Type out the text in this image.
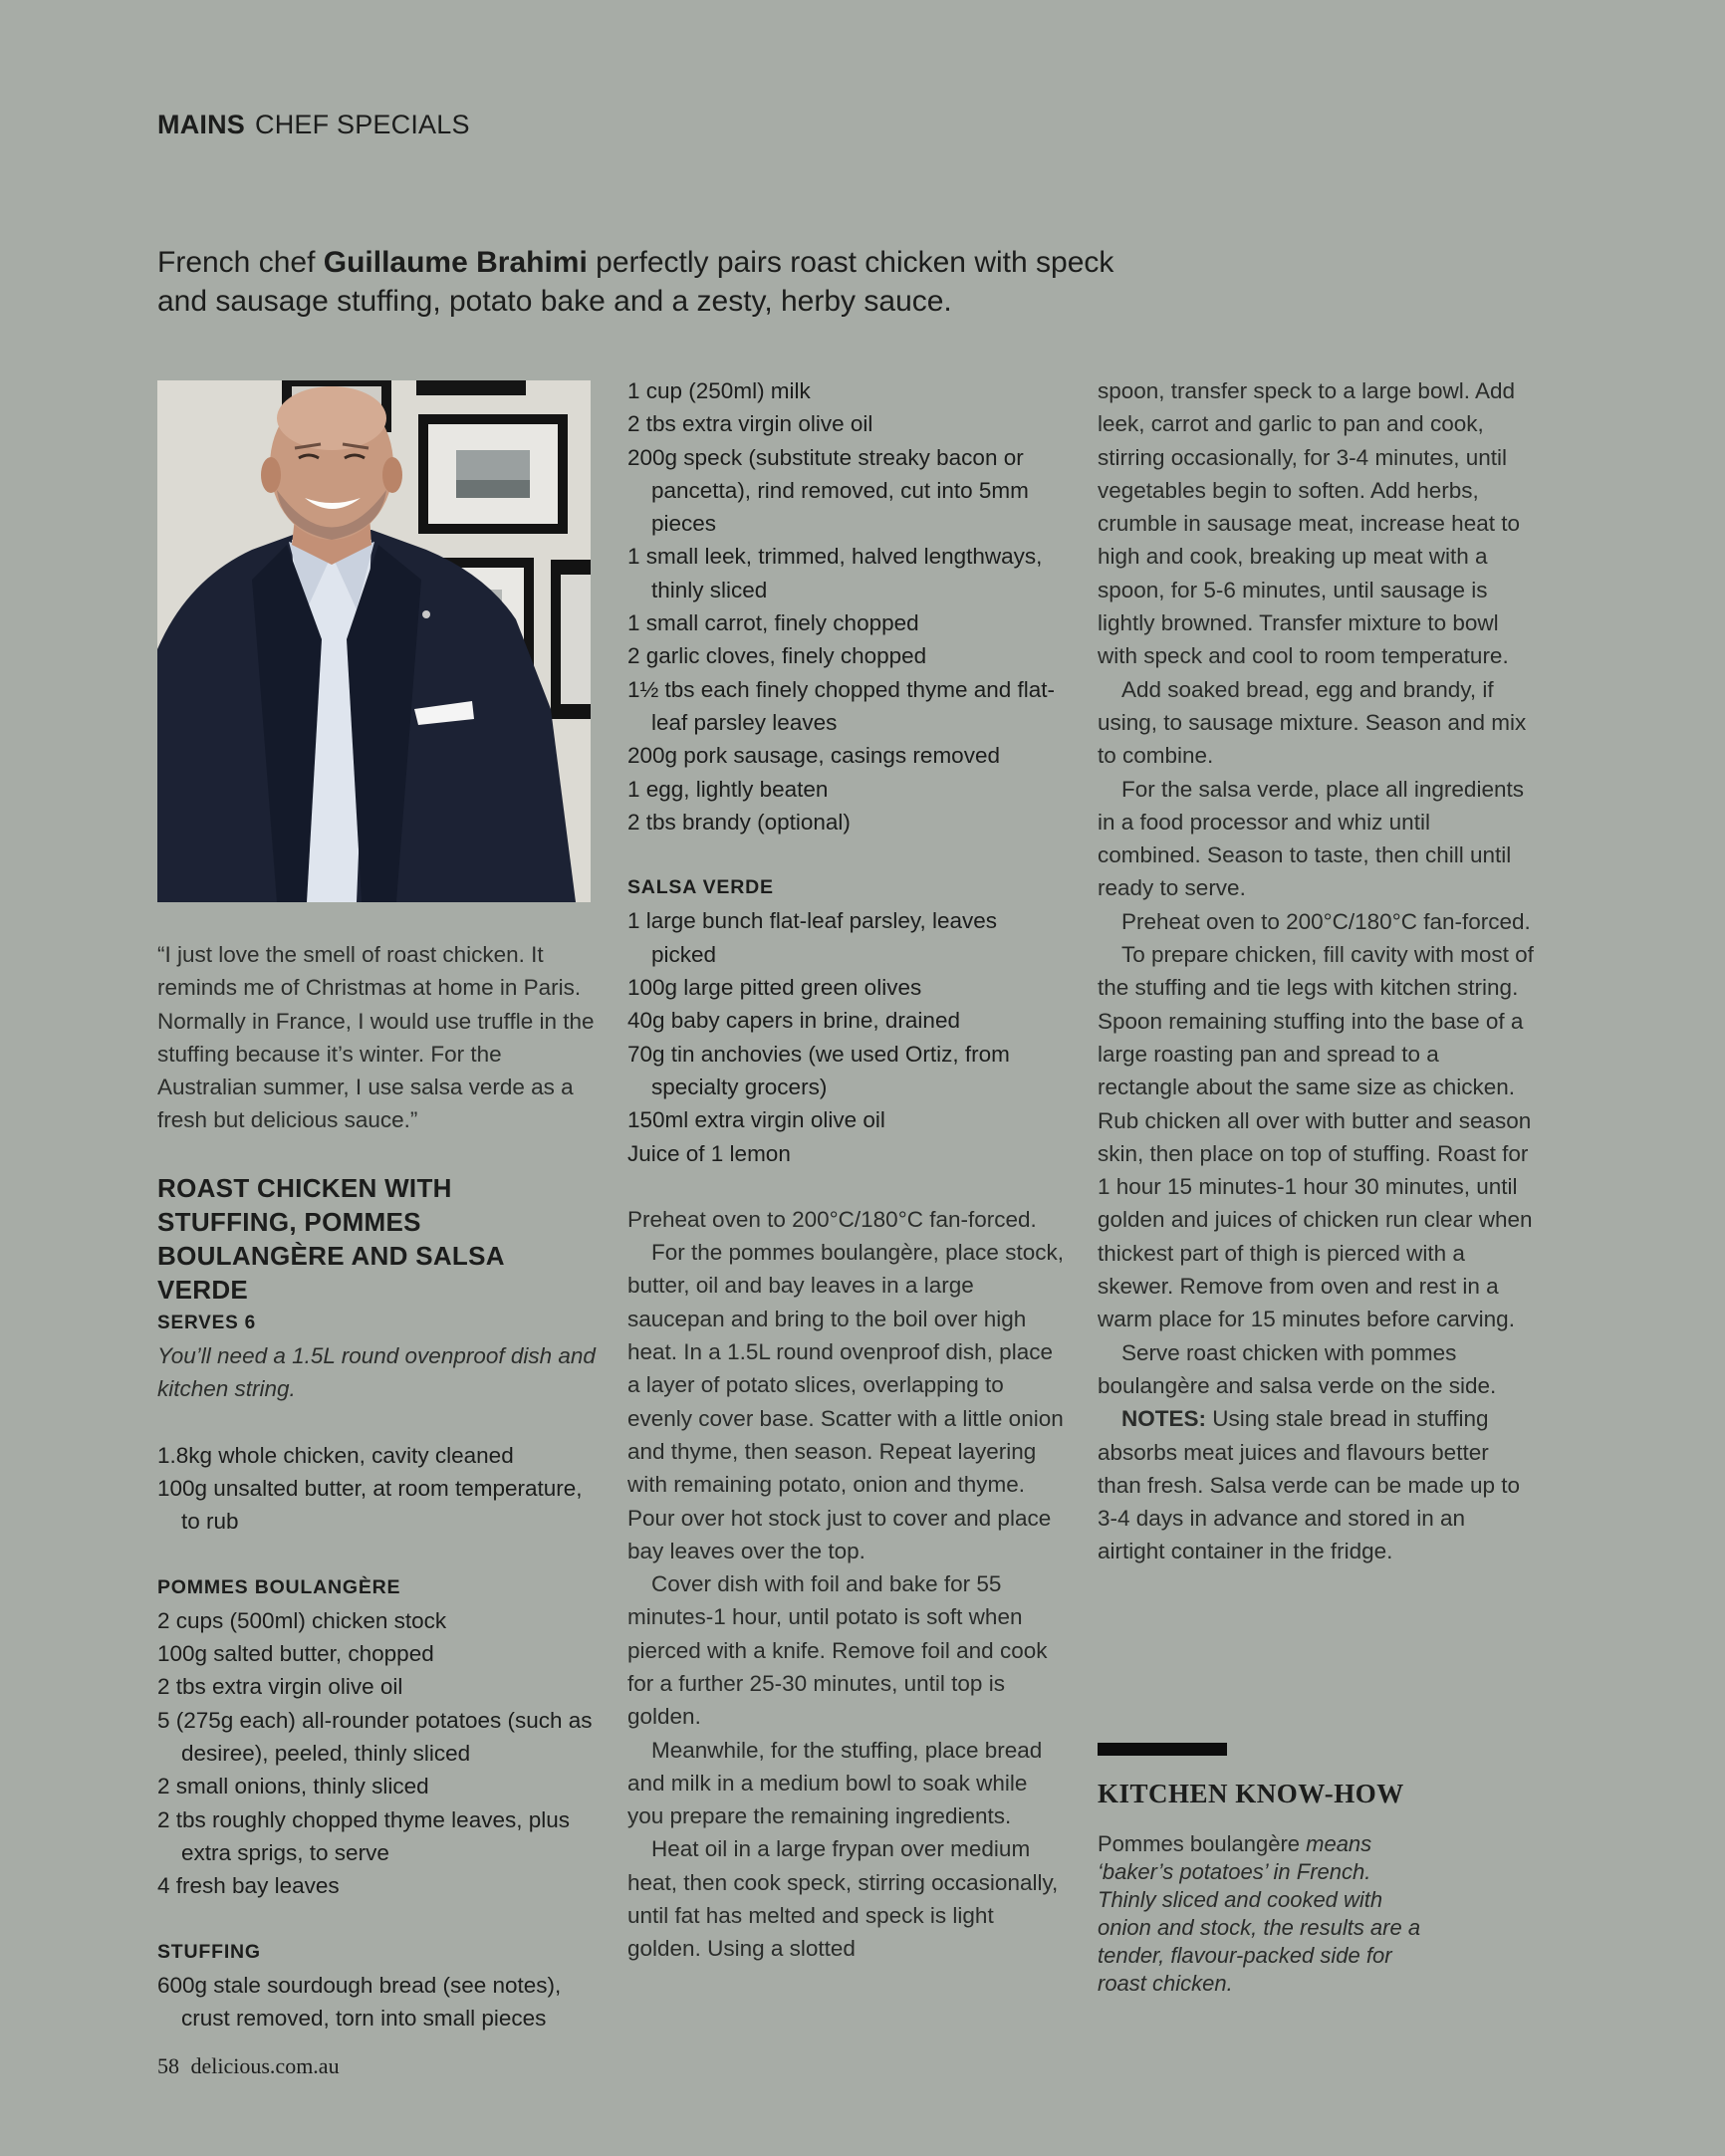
MAINS CHEF SPECIALS
French chef Guillaume Brahimi perfectly pairs roast chicken with speck and sausage stuffing, potato bake and a zesty, herby sauce.

“I just love the smell of roast chicken. It reminds me of Christmas at home in Paris. Normally in France, I would use truffle in the stuffing because it’s winter. For the Australian summer, I use salsa verde as a fresh but delicious sauce.”

ROAST CHICKEN WITH STUFFING, POMMES BOULANGÈRE AND SALSA VERDE

SERVES 6

You’ll need a 1.5L round ovenproof dish and kitchen string.

1.8kg whole chicken, cavity cleaned
100g unsalted butter, at room temperature, to rub

POMMES BOULANGÈRE

2 cups (500ml) chicken stock
100g salted butter, chopped
2 tbs extra virgin olive oil
5 (275g each) all-rounder potatoes (such as desiree), peeled, thinly sliced
2 small onions, thinly sliced
2 tbs roughly chopped thyme leaves, plus extra sprigs, to serve
4 fresh bay leaves

STUFFING

600g stale sourdough bread (see notes), crust removed, torn into small pieces
1 cup (250ml) milk
2 tbs extra virgin olive oil
200g speck (substitute streaky bacon or pancetta), rind removed, cut into 5mm pieces
1 small leek, trimmed, halved lengthways, thinly sliced
1 small carrot, finely chopped
2 garlic cloves, finely chopped
1½ tbs each finely chopped thyme and flat-leaf parsley leaves
200g pork sausage, casings removed
1 egg, lightly beaten
2 tbs brandy (optional)

SALSA VERDE

1 large bunch flat-leaf parsley, leaves picked
100g large pitted green olives
40g baby capers in brine, drained
70g tin anchovies (we used Ortiz, from specialty grocers)
150ml extra virgin olive oil
Juice of 1 lemon

Preheat oven to 200°C/180°C fan-forced.

For the pommes boulangère, place stock, butter, oil and bay leaves in a large saucepan and bring to the boil over high heat. In a 1.5L round ovenproof dish, place a layer of potato slices, overlapping to evenly cover base. Scatter with a little onion and thyme, then season. Repeat layering with remaining potato, onion and thyme. Pour over hot stock just to cover and place bay leaves over the top.

Cover dish with foil and bake for 55 minutes-1 hour, until potato is soft when pierced with a knife. Remove foil and cook for a further 25-30 minutes, until top is golden.

Meanwhile, for the stuffing, place bread and milk in a medium bowl to soak while you prepare the remaining ingredients.

Heat oil in a large frypan over medium heat, then cook speck, stirring occasionally, until fat has melted and speck is light golden. Using a slotted

spoon, transfer speck to a large bowl. Add leek, carrot and garlic to pan and cook, stirring occasionally, for 3-4 minutes, until vegetables begin to soften. Add herbs, crumble in sausage meat, increase heat to high and cook, breaking up meat with a spoon, for 5-6 minutes, until sausage is lightly browned. Transfer mixture to bowl with speck and cool to room temperature.

Add soaked bread, egg and brandy, if using, to sausage mixture. Season and mix to combine.

For the salsa verde, place all ingredients in a food processor and whiz until combined. Season to taste, then chill until ready to serve.

Preheat oven to 200°C/180°C fan-forced.

To prepare chicken, fill cavity with most of the stuffing and tie legs with kitchen string. Spoon remaining stuffing into the base of a large roasting pan and spread to a rectangle about the same size as chicken. Rub chicken all over with butter and season skin, then place on top of stuffing. Roast for 1 hour 15 minutes-1 hour 30 minutes, until golden and juices of chicken run clear when thickest part of thigh is pierced with a skewer. Remove from oven and rest in a warm place for 15 minutes before carving.

Serve roast chicken with pommes boulangère and salsa verde on the side.

NOTES: Using stale bread in stuffing absorbs meat juices and flavours better than fresh. Salsa verde can be made up to 3-4 days in advance and stored in an airtight container in the fridge.

KITCHEN KNOW-HOW
Pommes boulangère means ‘baker’s potatoes’ in French. Thinly sliced and cooked with onion and stock, the results are a tender, flavour-packed side for roast chicken.
58 delicious.com.au
